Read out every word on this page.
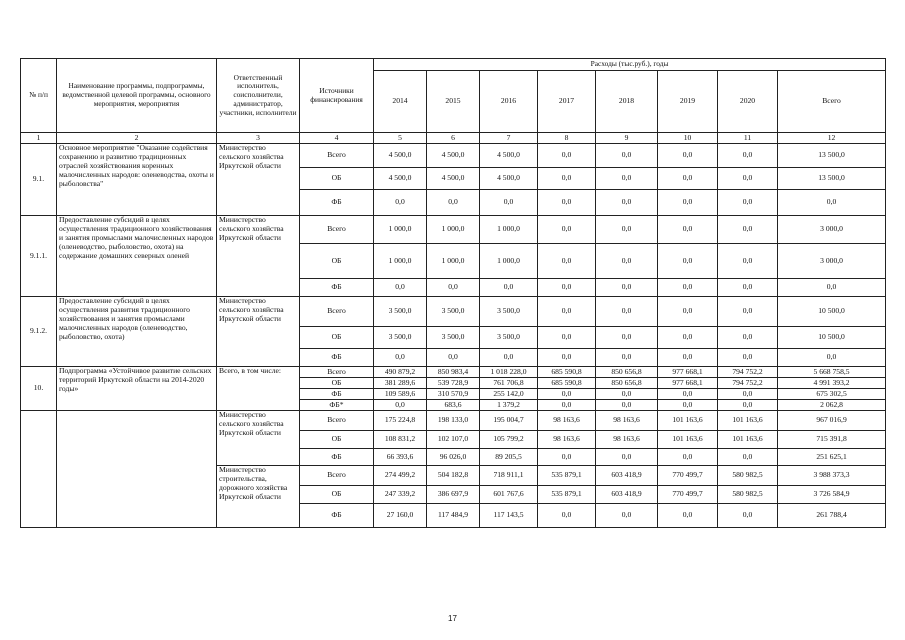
№ п/п	Наименование программы, подпрограммы, ведомственной целевой программы, основного мероприятия, мероприятия	Ответственный исполнитель, соисполнители, администратор, участники, исполнители	Источники финансирования	Расходы (тыс.руб.), годы							
				2014	2015	2016	2017	2018	2019	2020	Всего
1	2	3	4	5	6	7	8	9	10	11	12
9.1.	Основное мероприятие "Оказание содействия сохранению и развитию традиционных отраслей хозяйствования коренных малочисленных народов: оленеводства, охоты и рыболовства"	Министерство сельского хозяйства Иркутской области	Всего	4 500,0	4 500,0	4 500,0	0,0	0,0	0,0	0,0	13 500,0
			ОБ	4 500,0	4 500,0	4 500,0	0,0	0,0	0,0	0,0	13 500,0
			ФБ	0,0	0,0	0,0	0,0	0,0	0,0	0,0	0,0
9.1.1.	Предоставление субсидий в целях осуществления традиционного хозяйствования и занятия промыслами малочисленных народов (оленеводство, рыболовство, охота) на содержание домашних северных оленей	Министерство сельского хозяйства Иркутской области	Всего	1 000,0	1 000,0	1 000,0	0,0	0,0	0,0	0,0	3 000,0
			ОБ	1 000,0	1 000,0	1 000,0	0,0	0,0	0,0	0,0	3 000,0
			ФБ	0,0	0,0	0,0	0,0	0,0	0,0	0,0	0,0
9.1.2.	Предоставление субсидий в целях осуществления развития традиционного хозяйствования и занятия промыслами малочисленных народов (оленеводство, рыболовство, охота)	Министерство сельского хозяйства Иркутской области	Всего	3 500,0	3 500,0	3 500,0	0,0	0,0	0,0	0,0	10 500,0
			ОБ	3 500,0	3 500,0	3 500,0	0,0	0,0	0,0	0,0	10 500,0
			ФБ	0,0	0,0	0,0	0,0	0,0	0,0	0,0	0,0
10.	Подпрограмма «Устойчивое развитие сельских территорий Иркутской области на 2014-2020 годы»	Всего, в том числе:	Всего	490 879,2	850 983,4	1 018 228,0	685 590,8	850 656,8	977 668,1	794 752,2	5 668 758,5
			ОБ	381 289,6	539 728,9	761 706,8	685 590,8	850 656,8	977 668,1	794 752,2	4 991 393,2
			ФБ	109 589,6	310 570,9	255 142,0	0,0	0,0	0,0	0,0	675 302,5
			ФБ*	0,0	683,6	1 379,2	0,0	0,0	0,0	0,0	2 062,8
		Министерство сельского хозяйства Иркутской области	Всего	175 224,8	198 133,0	195 004,7	98 163,6	98 163,6	101 163,6	101 163,6	967 016,9
			ОБ	108 831,2	102 107,0	105 799,2	98 163,6	98 163,6	101 163,6	101 163,6	715 391,8
			ФБ	66 393,6	96 026,0	89 205,5	0,0	0,0	0,0	0,0	251 625,1
		Министерство строительства, дорожного хозяйства Иркутской области	Всего	274 499,2	504 182,8	718 911,1	535 879,1	603 418,9	770 499,7	580 982,5	3 988 373,3
			ОБ	247 339,2	386 697,9	601 767,6	535 879,1	603 418,9	770 499,7	580 982,5	3 726 584,9
			ФБ	27 160,0	117 484,9	117 143,5	0,0	0,0	0,0	0,0	261 788,4
17
